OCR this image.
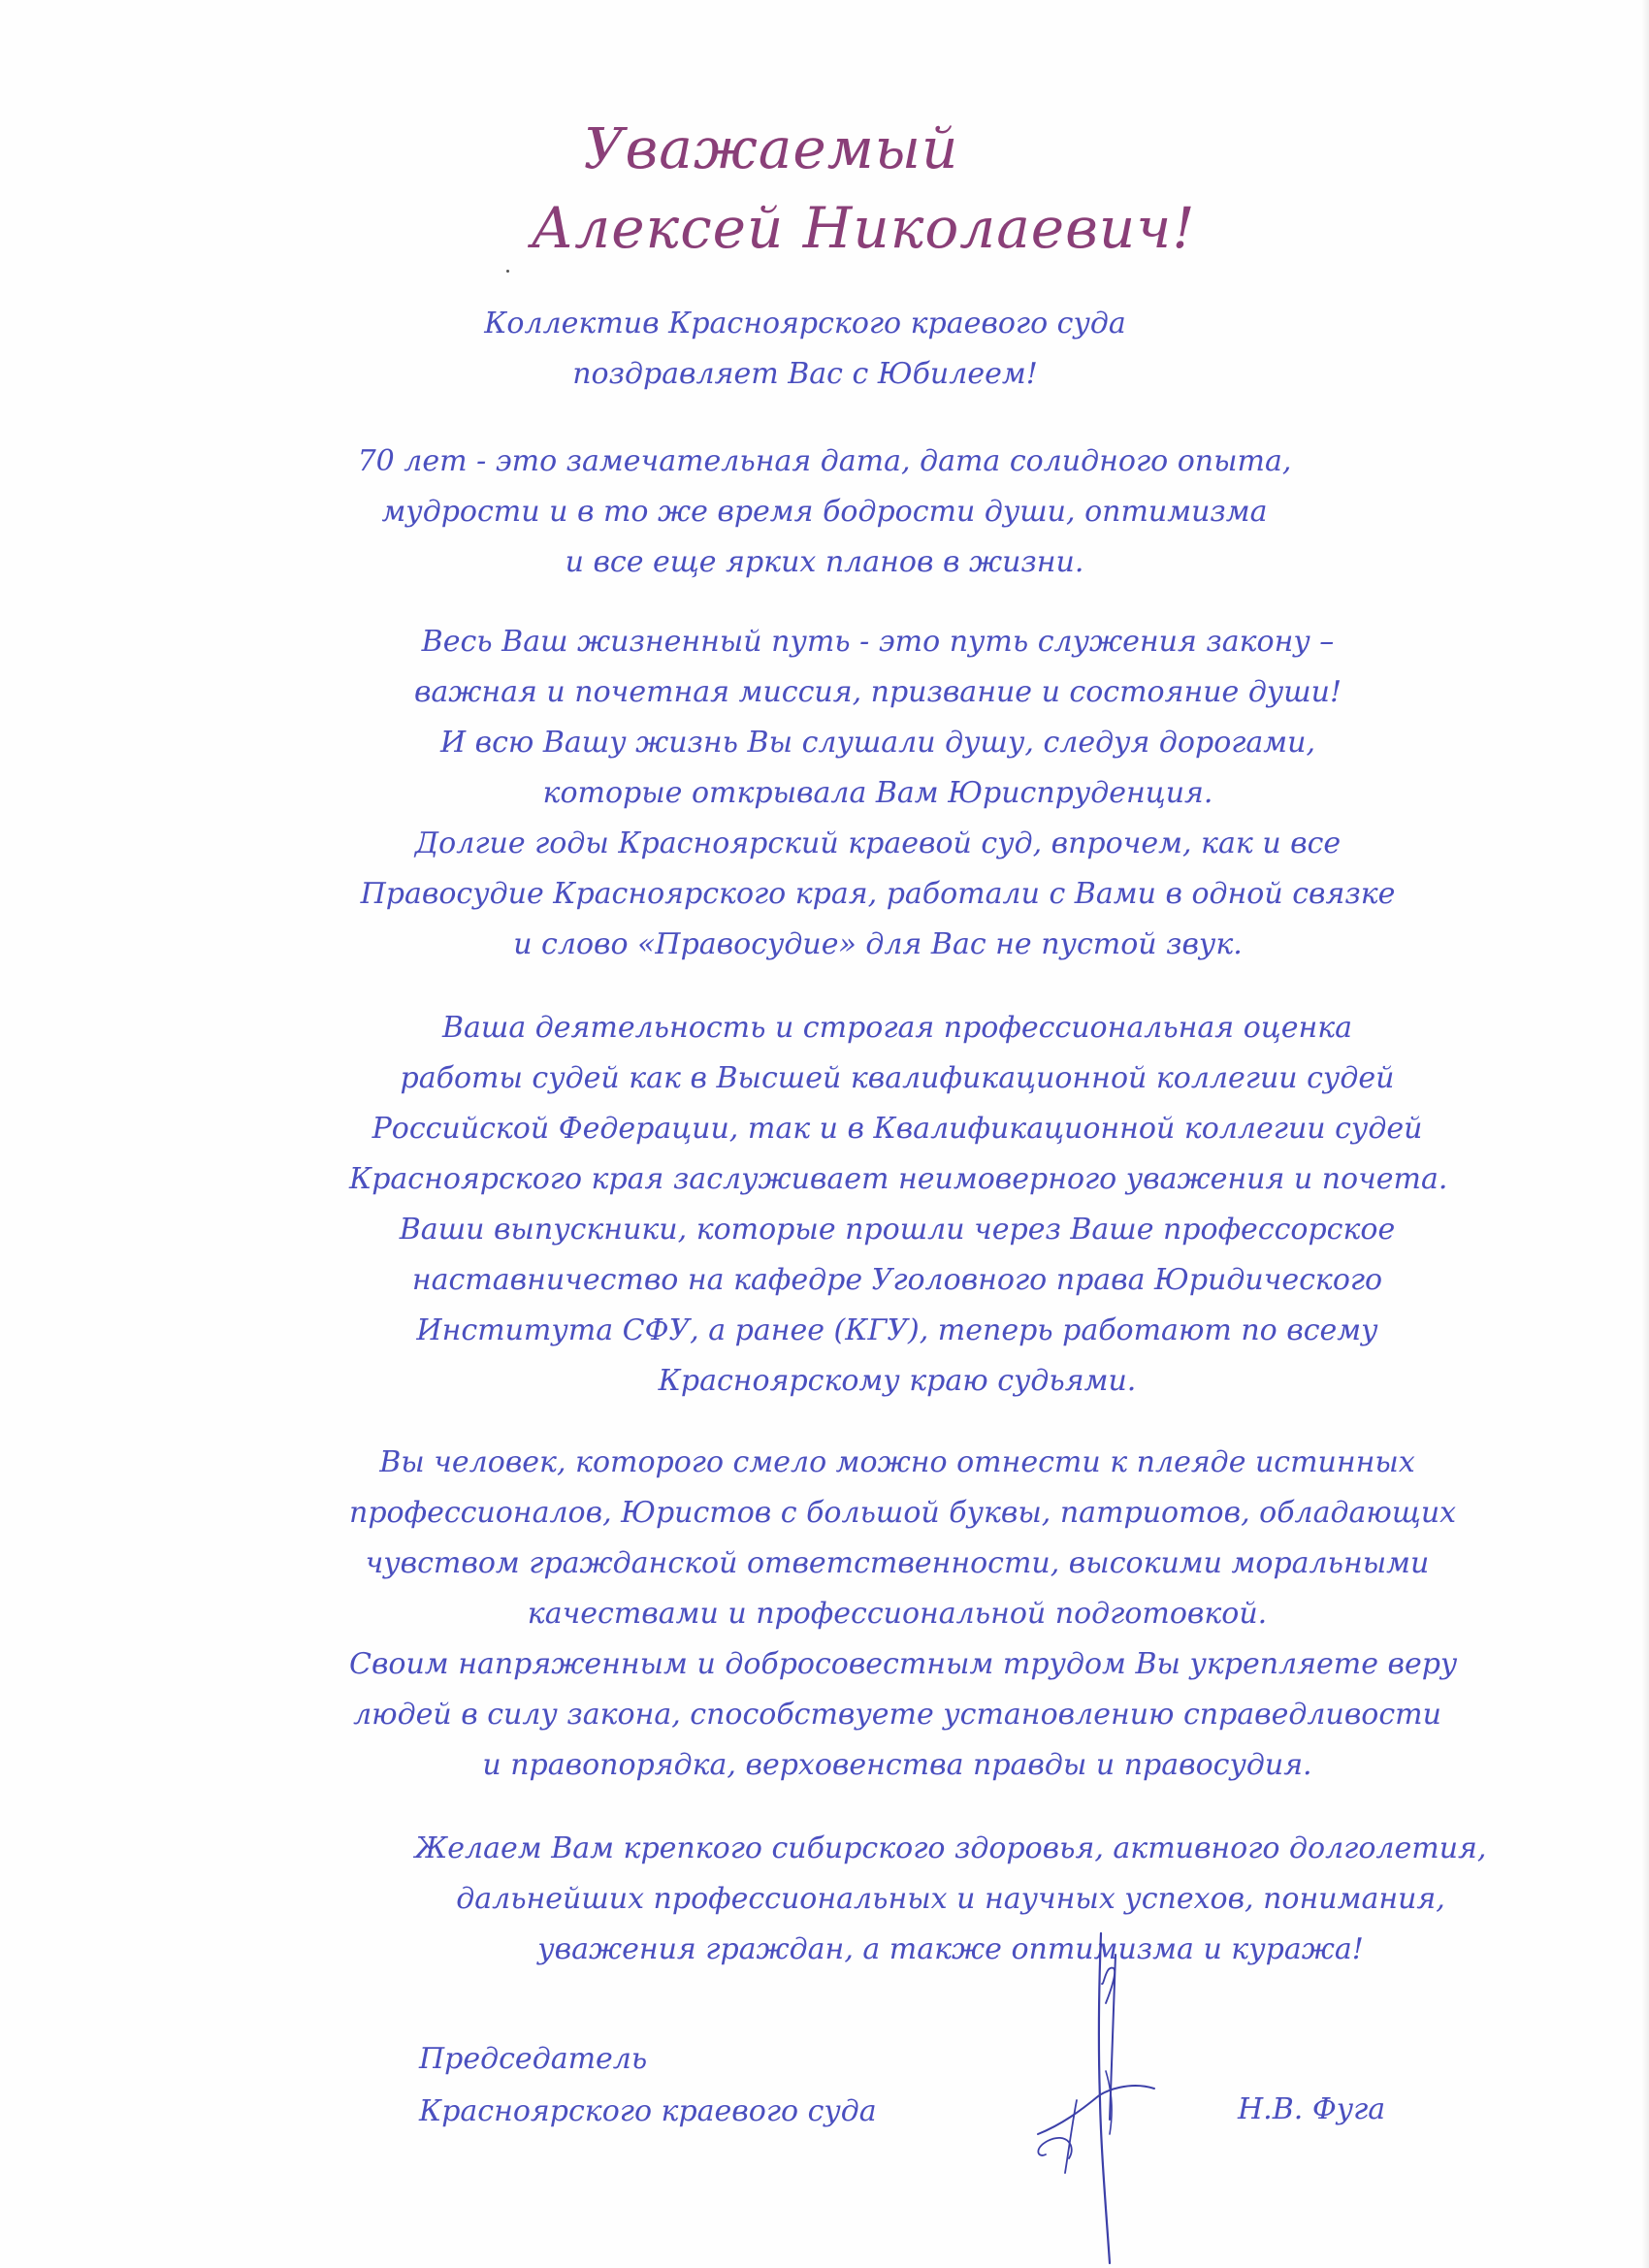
Уважаемый
Алексей Николаевич!
Коллектив Красноярского краевого суда
поздравляет Вас с Юбилеем!
70 лет - это замечательная дата, дата солидного опыта,
мудрости и в то же время бодрости души, оптимизма
и все еще ярких планов в жизни.
Весь Ваш жизненный путь - это путь служения закону –
важная и почетная миссия, призвание и состояние души!
И всю Вашу жизнь Вы слушали душу, следуя дорогами,
которые открывала Вам Юриспруденция.
Долгие годы Красноярский краевой суд, впрочем, как и все
Правосудие Красноярского края, работали с Вами в одной связке
и слово «Правосудие» для Вас не пустой звук.
Ваша деятельность и строгая профессиональная оценка
работы судей как в Высшей квалификационной коллегии судей
Российской Федерации, так и в Квалификационной коллегии судей
Красноярского края заслуживает неимоверного уважения и почета.
Ваши выпускники, которые прошли через Ваше профессорское
наставничество на кафедре Уголовного права Юридического
Института СФУ, а ранее (КГУ), теперь работают по всему
Красноярскому краю судьями.
Вы человек, которого смело можно отнести к плеяде истинных
профессионалов, Юристов с большой буквы, патриотов, обладающих
чувством гражданской ответственности, высокими моральными
качествами и профессиональной подготовкой.
Своим напряженным и добросовестным трудом Вы укрепляете веру
людей в силу закона, способствуете установлению справедливости
и правопорядка, верховенства правды и правосудия.
Желаем Вам крепкого сибирского здоровья, активного долголетия,
дальнейших профессиональных и научных успехов, понимания,
уважения граждан, а также оптимизма и куража!
Председатель
Красноярского краевого суда	Н.В. Фуга
